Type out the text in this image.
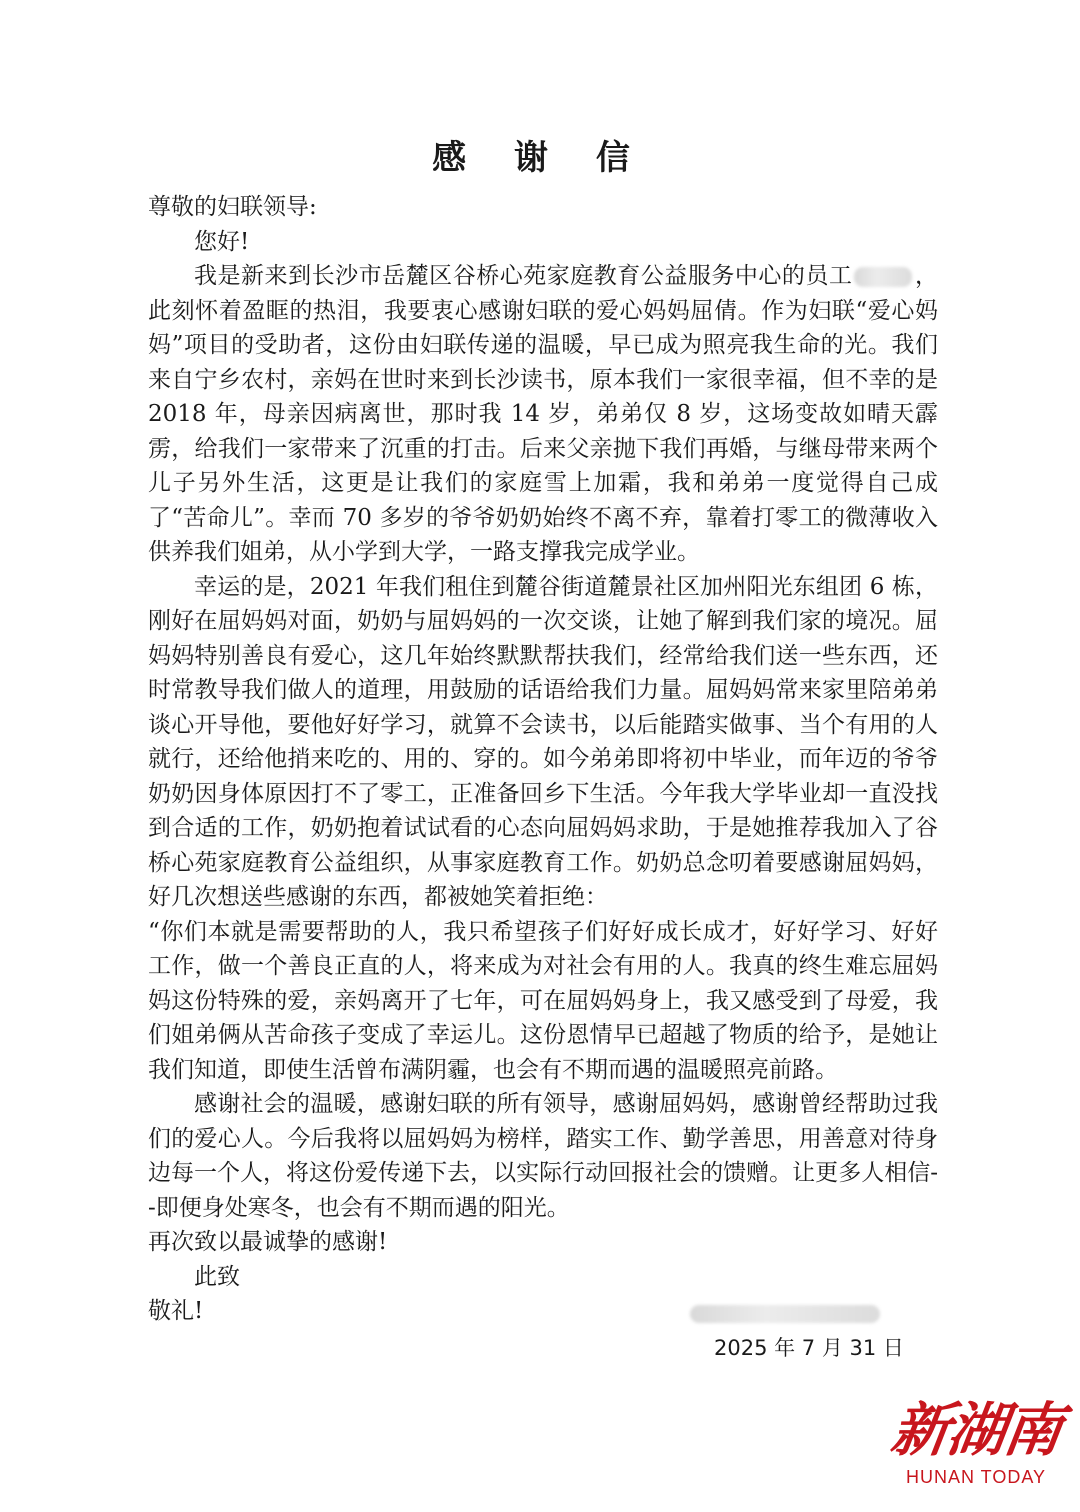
感 谢 信

尊敬的妇联领导:

您好!

我是新来到长沙市岳麓区谷桥心苑家庭教育公益服务中心的员工	，此刻怀着盈眶的热泪，我要衷心感谢妇联的爱心妈妈屈倩。作为妇联“爱心妈妈”项目的受助者，这份由妇联传递的温暖，早已成为照亮我生命的光。我们来自宁乡农村，亲妈在世时来到长沙读书，原本我们一家很幸福，但不幸的是 2018 年，母亲因病离世，那时我 14 岁，弟弟仅 8 岁，这场变故如晴天霹雳，给我们一家带来了沉重的打击。后来父亲抛下我们再婚，与继母带来两个儿子另外生活，这更是让我们的家庭雪上加霜，我和弟弟一度觉得自己成了“苦命儿”。幸而 70 多岁的爷爷奶奶始终不离不弃，靠着打零工的微薄收入供养我们姐弟，从小学到大学，一路支撑我完成学业。

幸运的是，2021 年我们租住到麓谷街道麓景社区加州阳光东组团 6 栋，刚好在屈妈妈对面，奶奶与屈妈妈的一次交谈，让她了解到我们家的境况。屈妈妈特别善良有爱心，这几年始终默默帮扶我们，经常给我们送一些东西，还时常教导我们做人的道理，用鼓励的话语给我们力量。屈妈妈常来家里陪弟弟谈心开导他，要他好好学习，就算不会读书，以后能踏实做事、当个有用的人就行，还给他捎来吃的、用的、穿的。如今弟弟即将初中毕业，而年迈的爷爷奶奶因身体原因打不了零工，正准备回乡下生活。今年我大学毕业却一直没找到合适的工作，奶奶抱着试试看的心态向屈妈妈求助，于是她推荐我加入了谷桥心苑家庭教育公益组织，从事家庭教育工作。奶奶总念叨着要感谢屈妈妈，好几次想送些感谢的东西，都被她笑着拒绝：

“你们本就是需要帮助的人，我只希望孩子们好好成长成才，好好学习、好好工作，做一个善良正直的人，将来成为对社会有用的人。我真的终生难忘屈妈妈这份特殊的爱，亲妈离开了七年，可在屈妈妈身上，我又感受到了母爱，我们姐弟俩从苦命孩子变成了幸运儿。这份恩情早已超越了物质的给予，是她让我们知道，即使生活曾布满阴霾，也会有不期而遇的温暖照亮前路。

感谢社会的温暖，感谢妇联的所有领导，感谢屈妈妈，感谢曾经帮助过我们的爱心人。今后我将以屈妈妈为榜样，踏实工作、勤学善思，用善意对待身边每一个人，将这份爱传递下去，以实际行动回报社会的馈赠。让更多人相信--即便身处寒冬，也会有不期而遇的阳光。

再次致以最诚挚的感谢!

此致

敬礼!

2025 年 7 月 31 日
新湖南
HUNAN TODAY
